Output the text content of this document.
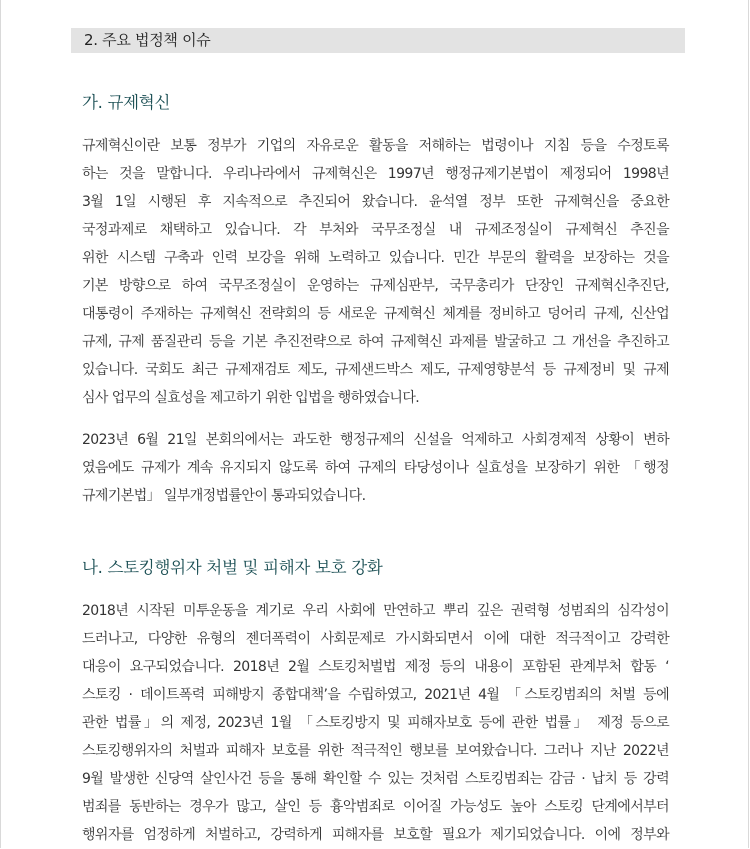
2. 주요 법정책 이슈
가. 규제혁신
규제혁신이란 보통 정부가 기업의 자유로운 활동을 저해하는 법령이나 지침 등을 수정토록
하는 것을 말합니다. 우리나라에서 규제혁신은 1997년 행정규제기본법이 제정되어 1998년
3월 1일 시행된 후 지속적으로 추진되어 왔습니다. 윤석열 정부 또한 규제혁신을 중요한
국정과제로 채택하고 있습니다. 각 부처와 국무조정실 내 규제조정실이 규제혁신 추진을
위한 시스템 구축과 인력 보강을 위해 노력하고 있습니다. 민간 부문의 활력을 보장하는 것을
기본 방향으로 하여 국무조정실이 운영하는 규제심판부, 국무총리가 단장인 규제혁신추진단,
대통령이 주재하는 규제혁신 전략회의 등 새로운 규제혁신 체계를 정비하고 덩어리 규제, 신산업
규제, 규제 품질관리 등을 기본 추진전략으로 하여 규제혁신 과제를 발굴하고 그 개선을 추진하고
있습니다. 국회도 최근 규제재검토 제도, 규제샌드박스 제도, 규제영향분석 등 규제정비 및 규제
심사 업무의 실효성을 제고하기 위한 입법을 행하였습니다.
2023년 6월 21일 본회의에서는 과도한 행정규제의 신설을 억제하고 사회경제적 상황이 변하
였음에도 규제가 계속 유지되지 않도록 하여 규제의 타당성이나 실효성을 보장하기 위한 「행정
규제기본법」 일부개정법률안이 통과되었습니다.
나. 스토킹행위자 처벌 및 피해자 보호 강화
2018년 시작된 미투운동을 계기로 우리 사회에 만연하고 뿌리 깊은 권력형 성범죄의 심각성이
드러나고, 다양한 유형의 젠더폭력이 사회문제로 가시화되면서 이에 대한 적극적이고 강력한
대응이 요구되었습니다. 2018년 2월 스토킹처벌법 제정 등의 내용이 포함된 관계부처 합동 ‘
스토킹 · 데이트폭력 피해방지 종합대책’을 수립하였고, 2021년 4월 「스토킹범죄의 처벌 등에
관한 법률」의 제정, 2023년 1월 「스토킹방지 및 피해자보호 등에 관한 법률」 제정 등으로
스토킹행위자의 처벌과 피해자 보호를 위한 적극적인 행보를 보여왔습니다. 그러나 지난 2022년
9월 발생한 신당역 살인사건 등을 통해 확인할 수 있는 것처럼 스토킹범죄는 감금 · 납치 등 강력
범죄를 동반하는 경우가 많고, 살인 등 흉악범죄로 이어질 가능성도 높아 스토킹 단계에서부터
행위자를 엄정하게 처벌하고, 강력하게 피해자를 보호할 필요가 제기되었습니다. 이에 정부와
